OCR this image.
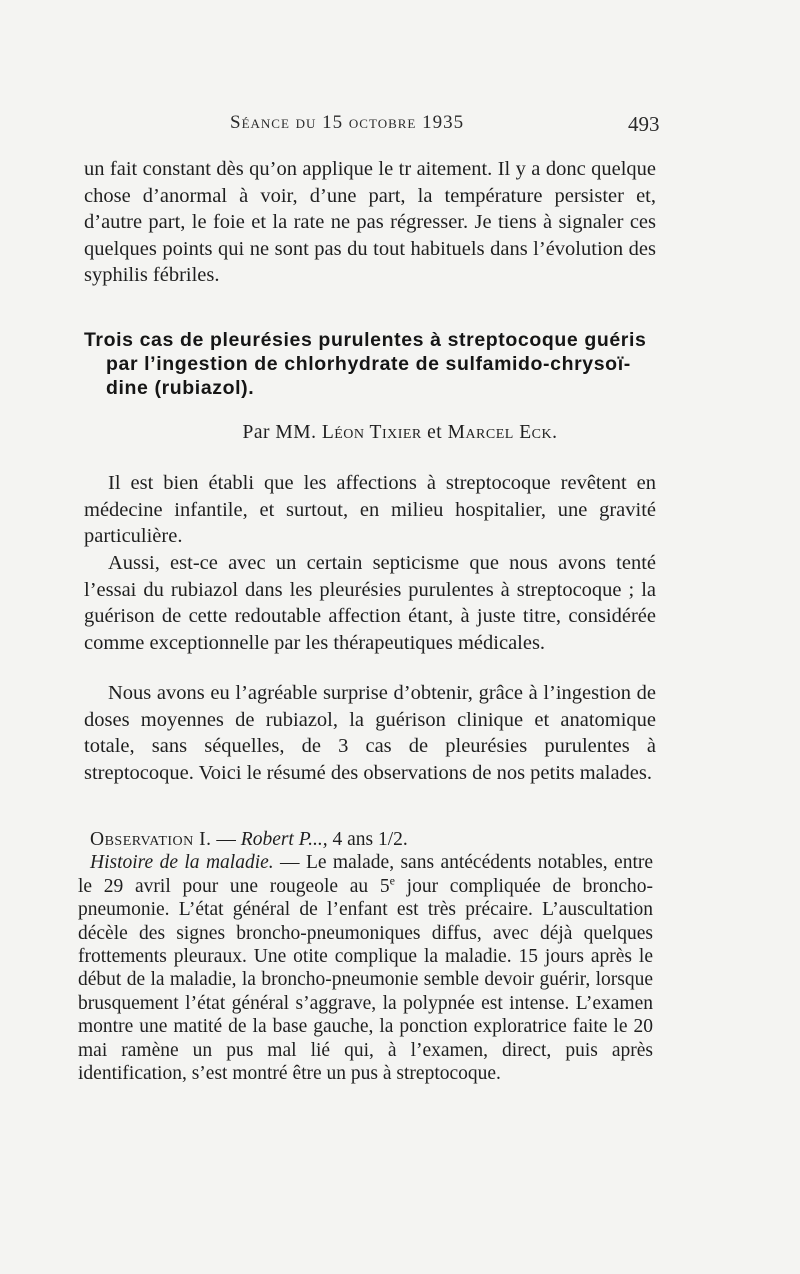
Séance du 15 octobre 1935	493

un fait constant dès qu’on applique le tr aitement. Il y a donc quelque chose d’anormal à voir, d’une part, la température persister et, d’autre part, le foie et la rate ne pas régresser. Je tiens à signaler ces quelques points qui ne sont pas du tout habituels dans l’évolution des syphilis fébriles.

Trois cas de pleurésies purulentes à streptocoque guéris
par l’ingestion de chlorhydrate de sulfamido-chrysoï-
dine (rubiazol).
Par MM. Léon Tixier et Marcel Eck.

Il est bien établi que les affections à streptocoque revêtent en médecine infantile, et surtout, en milieu hospitalier, une gravité particulière.

Aussi, est-ce avec un certain septicisme que nous avons tenté l’essai du rubiazol dans les pleurésies purulentes à streptocoque ; la guérison de cette redoutable affection étant, à juste titre, considérée comme exceptionnelle par les thérapeutiques médicales.

Nous avons eu l’agréable surprise d’obtenir, grâce à l’ingestion de doses moyennes de rubiazol, la guérison clinique et anatomique totale, sans séquelles, de 3 cas de pleurésies purulentes à streptocoque. Voici le résumé des observations de nos petits malades.

Observation I. — Robert P..., 4 ans 1/2.

Histoire de la maladie. — Le malade, sans antécédents notables, entre le 29 avril pour une rougeole au 5e jour compliquée de broncho-pneumonie. L’état général de l’enfant est très précaire. L’auscultation décèle des signes broncho-pneumoniques diffus, avec déjà quelques frottements pleuraux. Une otite complique la maladie. 15 jours après le début de la maladie, la broncho-pneumonie semble devoir guérir, lorsque brusquement l’état général s’aggrave, la polypnée est intense. L’examen montre une matité de la base gauche, la ponction exploratrice faite le 20 mai ramène un pus mal lié qui, à l’examen, direct, puis après identification, s’est montré être un pus à streptocoque.
